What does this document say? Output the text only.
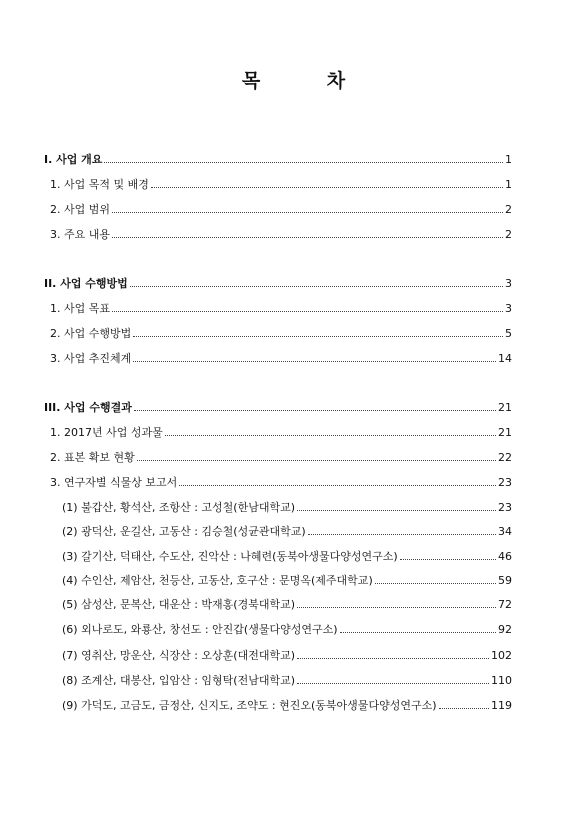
목 차
I. 사업 개요	1
1. 사업 목적 및 배경	1
2. 사업 범위	2
3. 주요 내용	2
II. 사업 수행방법	3
1. 사업 목표	3
2. 사업 수행방법	5
3. 사업 추진체계	14
III. 사업 수행결과	21
1. 2017년 사업 성과물	21
2. 표본 확보 현황	22
3. 연구자별 식물상 보고서	23
(1) 불갑산, 황석산, 조항산 : 고성철(한남대학교)	23
(2) 광덕산, 운길산, 고동산 : 김승철(성균관대학교)	34
(3) 갈기산, 덕태산, 수도산, 진악산 : 나혜련(동북아생물다양성연구소)	46
(4) 수인산, 제암산, 천등산, 고동산, 호구산 : 문명옥(제주대학교)	59
(5) 삼성산, 문복산, 대운산 : 박재홍(경북대학교)	72
(6) 외나로도, 와룡산, 창선도 : 안진갑(생물다양성연구소)	92
(7) 영취산, 망운산, 식장산 : 오상훈(대전대학교)	102
(8) 조계산, 대봉산, 입암산 : 임형탁(전남대학교)	110
(9) 가덕도, 고금도, 금정산, 신지도, 조약도 : 현진오(동북아생물다양성연구소)	119
